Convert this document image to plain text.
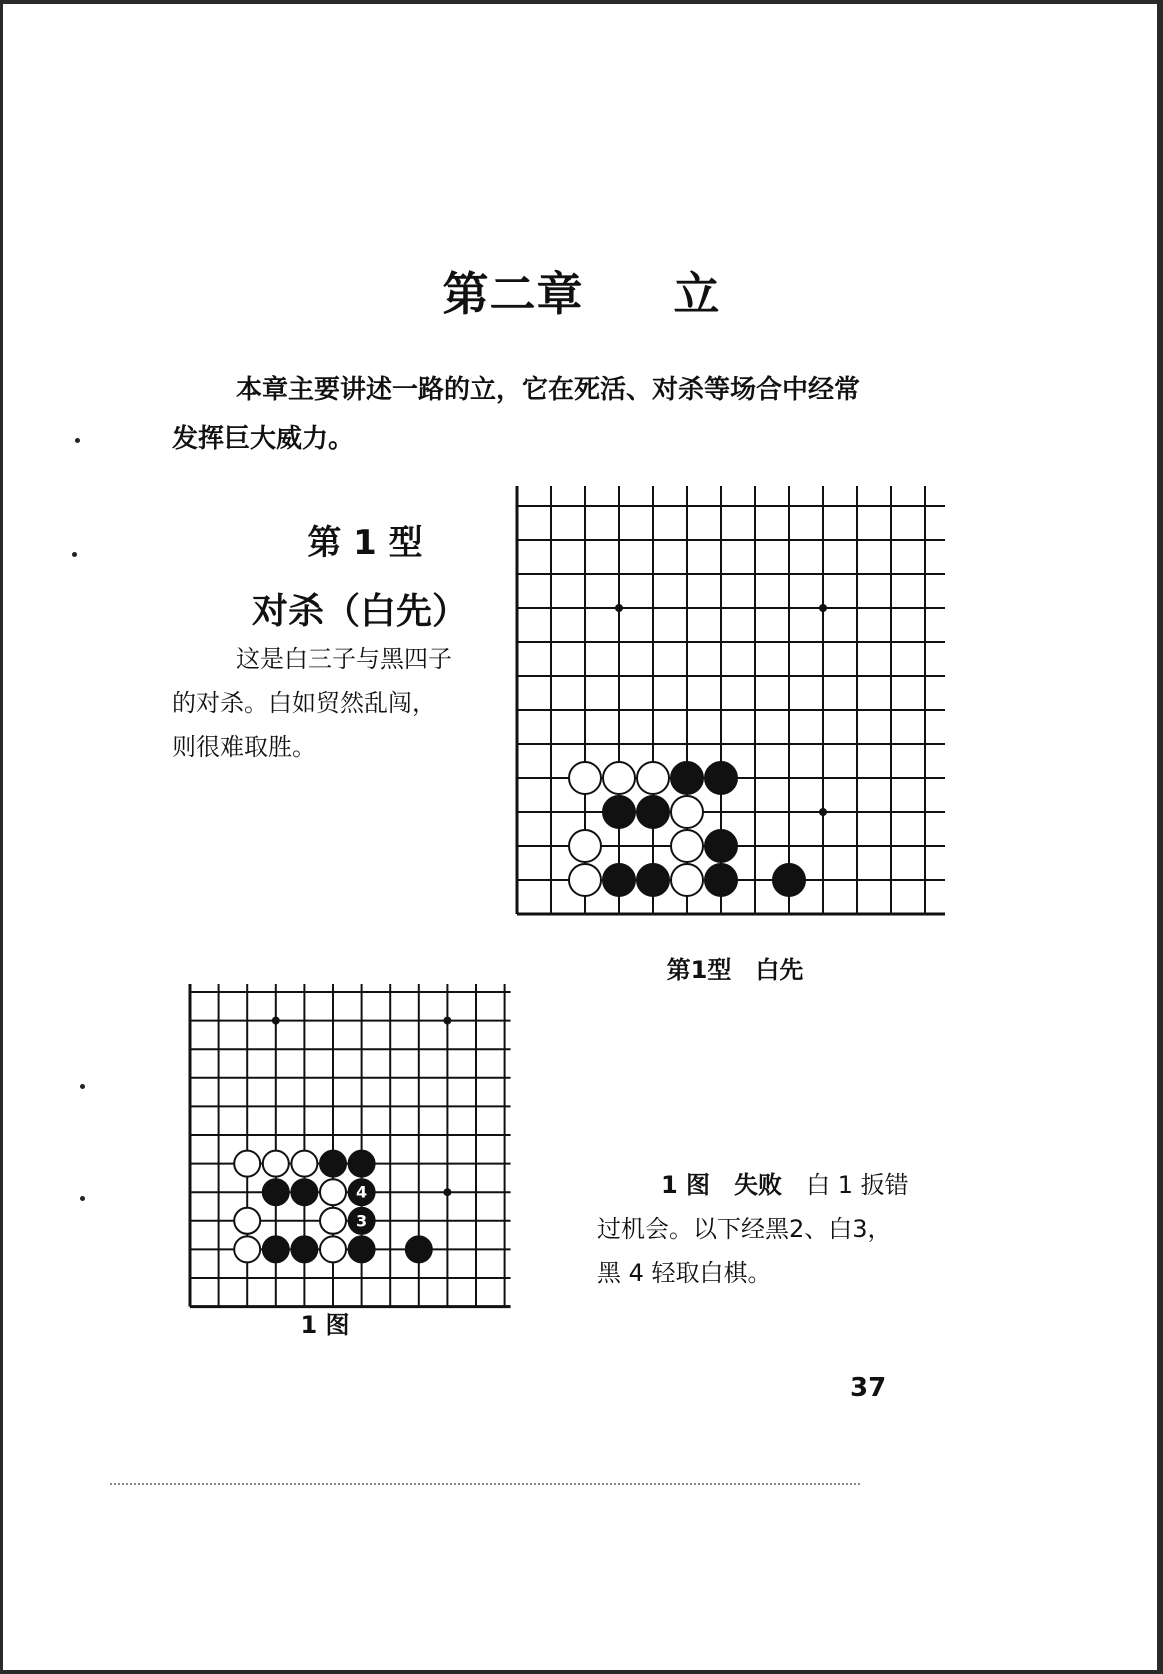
第二章 立
本章主要讲述一路的立，它在死活、对杀等场合中经常
发挥巨大威力。
第 1 型
对杀（白先）
这是白三子与黑四子
的对杀。白如贸然乱闯，
则很难取胜。
第1型　白先
4
3
1 图
1 图　失败　 白 1 扳错
过机会。以下经黑2、白3，
黑 4 轻取白棋。
37
